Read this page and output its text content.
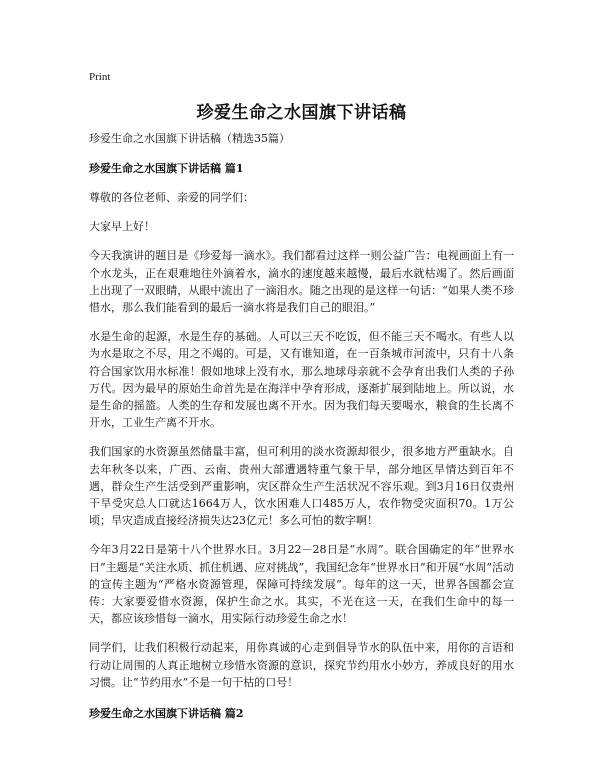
Print
珍爱生命之水国旗下讲话稿
珍爱生命之水国旗下讲话稿（精选35篇）
珍爱生命之水国旗下讲话稿 篇1

尊敬的各位老师、亲爱的同学们：

大家早上好！

今天我演讲的题目是《珍爱每一滴水》。我们都看过这样一则公益广告：电视画面上有一个水龙头，正在艰难地往外滴着水，滴水的速度越来越慢，最后水就枯竭了。然后画面上出现了一双眼睛，从眼中流出了一滴泪水。随之出现的是这样一句话：“如果人类不珍惜水，那么我们能看到的最后一滴水将是我们自己的眼泪。”

水是生命的起源，水是生存的基础。人可以三天不吃饭，但不能三天不喝水。有些人以为水是取之不尽，用之不竭的。可是，又有谁知道，在一百条城市河流中，只有十八条符合国家饮用水标准！假如地球上没有水，那么地球母亲就不会孕育出我们人类的子孙万代。因为最早的原始生命首先是在海洋中孕育形成，逐渐扩展到陆地上。所以说，水是生命的摇篮。人类的生存和发展也离不开水。因为我们每天要喝水，粮食的生长离不开水，工业生产离不开水。

我们国家的水资源虽然储量丰富，但可利用的淡水资源却很少，很多地方严重缺水。自去年秋冬以来，广西、云南、贵州大部遭遇特重气象干旱，部分地区旱情达到百年不遇，群众生产生活受到严重影响，灾区群众生产生活状况不容乐观。到3月16日仅贵州干旱受灾总人口就达1664万人，饮水困难人口485万人，农作物受灾面积70。1万公顷；旱灾造成直接经济损失达23亿元！多么可怕的数字啊！

今年3月22日是第十八个世界水日。3月22－28日是“水周”。联合国确定的年“世界水日”主题是“关注水质、抓住机遇、应对挑战”，我国纪念年“世界水日”和开展“水周”活动的宣传主题为“严格水资源管理，保障可持续发展”。每年的这一天，世界各国都会宣传：大家要爱惜水资源，保护生命之水。其实，不光在这一天，在我们生命中的每一天，都应该珍惜每一滴水，用实际行动珍爱生命之水！

同学们，让我们积极行动起来，用你真诚的心走到倡导节水的队伍中来，用你的言语和行动让周围的人真正地树立珍惜水资源的意识，探究节约用水小妙方，养成良好的用水习惯。让“节约用水”不是一句干枯的口号！

珍爱生命之水国旗下讲话稿 篇2
